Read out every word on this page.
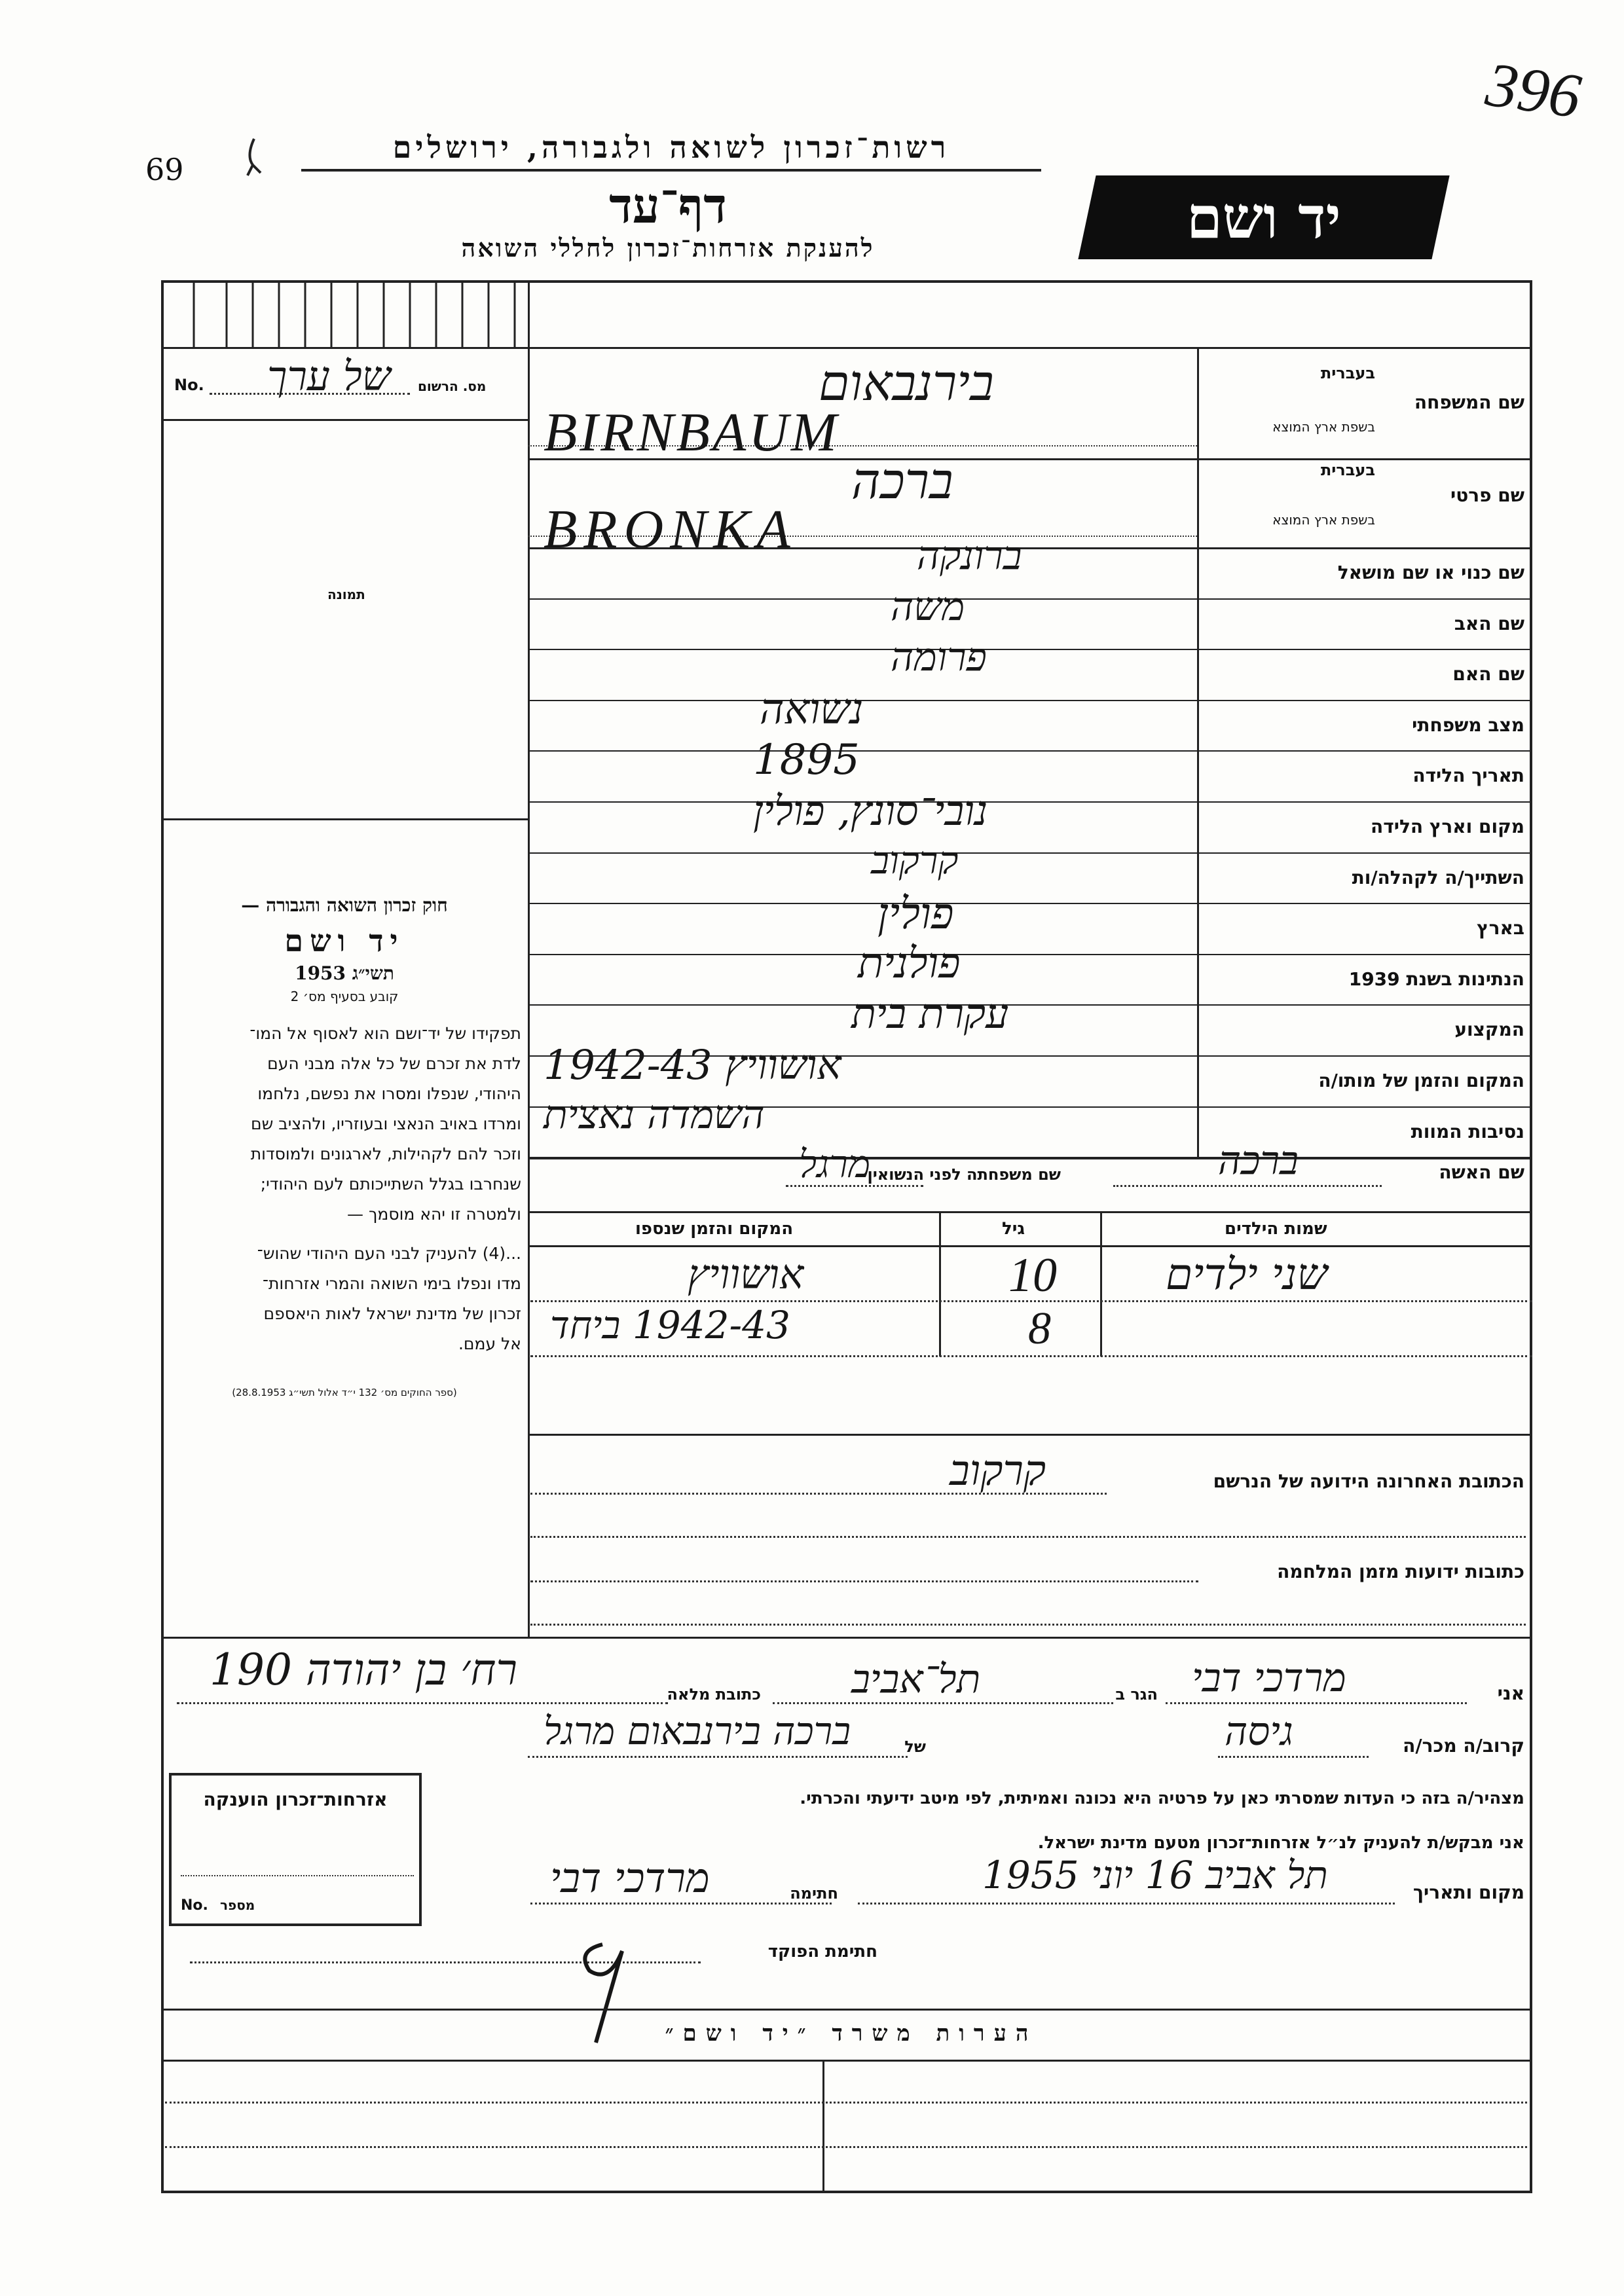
69
396
רשות־זכרון לשואה ולגבורה, ירושלים
דף־עד
להענקת אזרחות־זכרון לחללי השואה	יד ושם
No. של ערך מס. הרשום
תמונה
חוק זכרון השואה והגבורה —
יד ושם
תשי״ג 1953
קובע בסעיף מס׳ 2
תפקידו של יד־ושם הוא לאסוף אל המו־
לדת את זכרם של כל אלה מבני העם
היהודי, שנפלו ומסרו את נפשם, נלחמו
ומרדו באויב הנאצי ובעוזריו, ולהציב שם
וזכר להם לקהילות, לארגונים ולמוסדות
שנחרבו בגלל השתייכותם לעם היהודי;
ולמטרה זו יהא מוסמך —
...(4) להעניק לבני העם היהודי שהוש־
מדו ונפלו בימי השואה והמרי אזרחות־
זכרון של מדינת ישראל לאות היאספם
אל עמם.
(ספר החוקים מס׳ 132 י״ד אלול תשי״ג 28.8.1953)
שם המשפחה
בעברית
בשפת ארץ המוצא
בירנבאום
BIRNBAUM
שם פרטי
בעברית
בשפת ארץ המוצא
ברכה
BRONKA
שם כנוי או שם מושאל
ברונקה
שם האב
משה
שם האם
פרומה
מצב משפחתי
נשואה
תאריך הלידה
1895
מקום וארץ הלידה
נובי־סונץ, פולין
השתייך/ה לקהלה/ות
קרקוב
בארץ
פולין
הנתינות בשנת 1939
פולנית
המקצוע
עקרת בית
המקום והזמן של מותו/ה
אושוויץ 1942-43
נסיבות המוות
השמדה נאצית
שם האשה
ברכה
שם משפחתה לפני הנשואין
מרגל
שמות הילדים
גיל
המקום והזמן שנספו
שני ילדים
10
8
אושוויץ
1942-43 ביחד
הכתובת האחרונה הידועה של הנרשם
קרקוב
כתובות ידועות מזמן המלחמה
אני
מרדכי דבי
הגר ב
תל־אביב
כתובת מלאה
רח׳ בן יהודה 190
קרוב/ה מכר/ה
גיסה
של
ברכה בירנבאום מרגל
מצהיר/ה בזה כי העדות שמסרתי כאן על פרטיה היא נכונה ואמיתית, לפי מיטב ידיעתי והכרתי.
אני מבקש/ת להעניק לנ״ל אזרחות־זכרון מטעם מדינת ישראל.
מקום ותאריך
תל אביב 16 יוני 1955
חתימה
מרדכי דבי
חתימת הפוקד
אזרחות־זכרון הוענקה
No. מספר
הערות משרד ״יד ושם״
